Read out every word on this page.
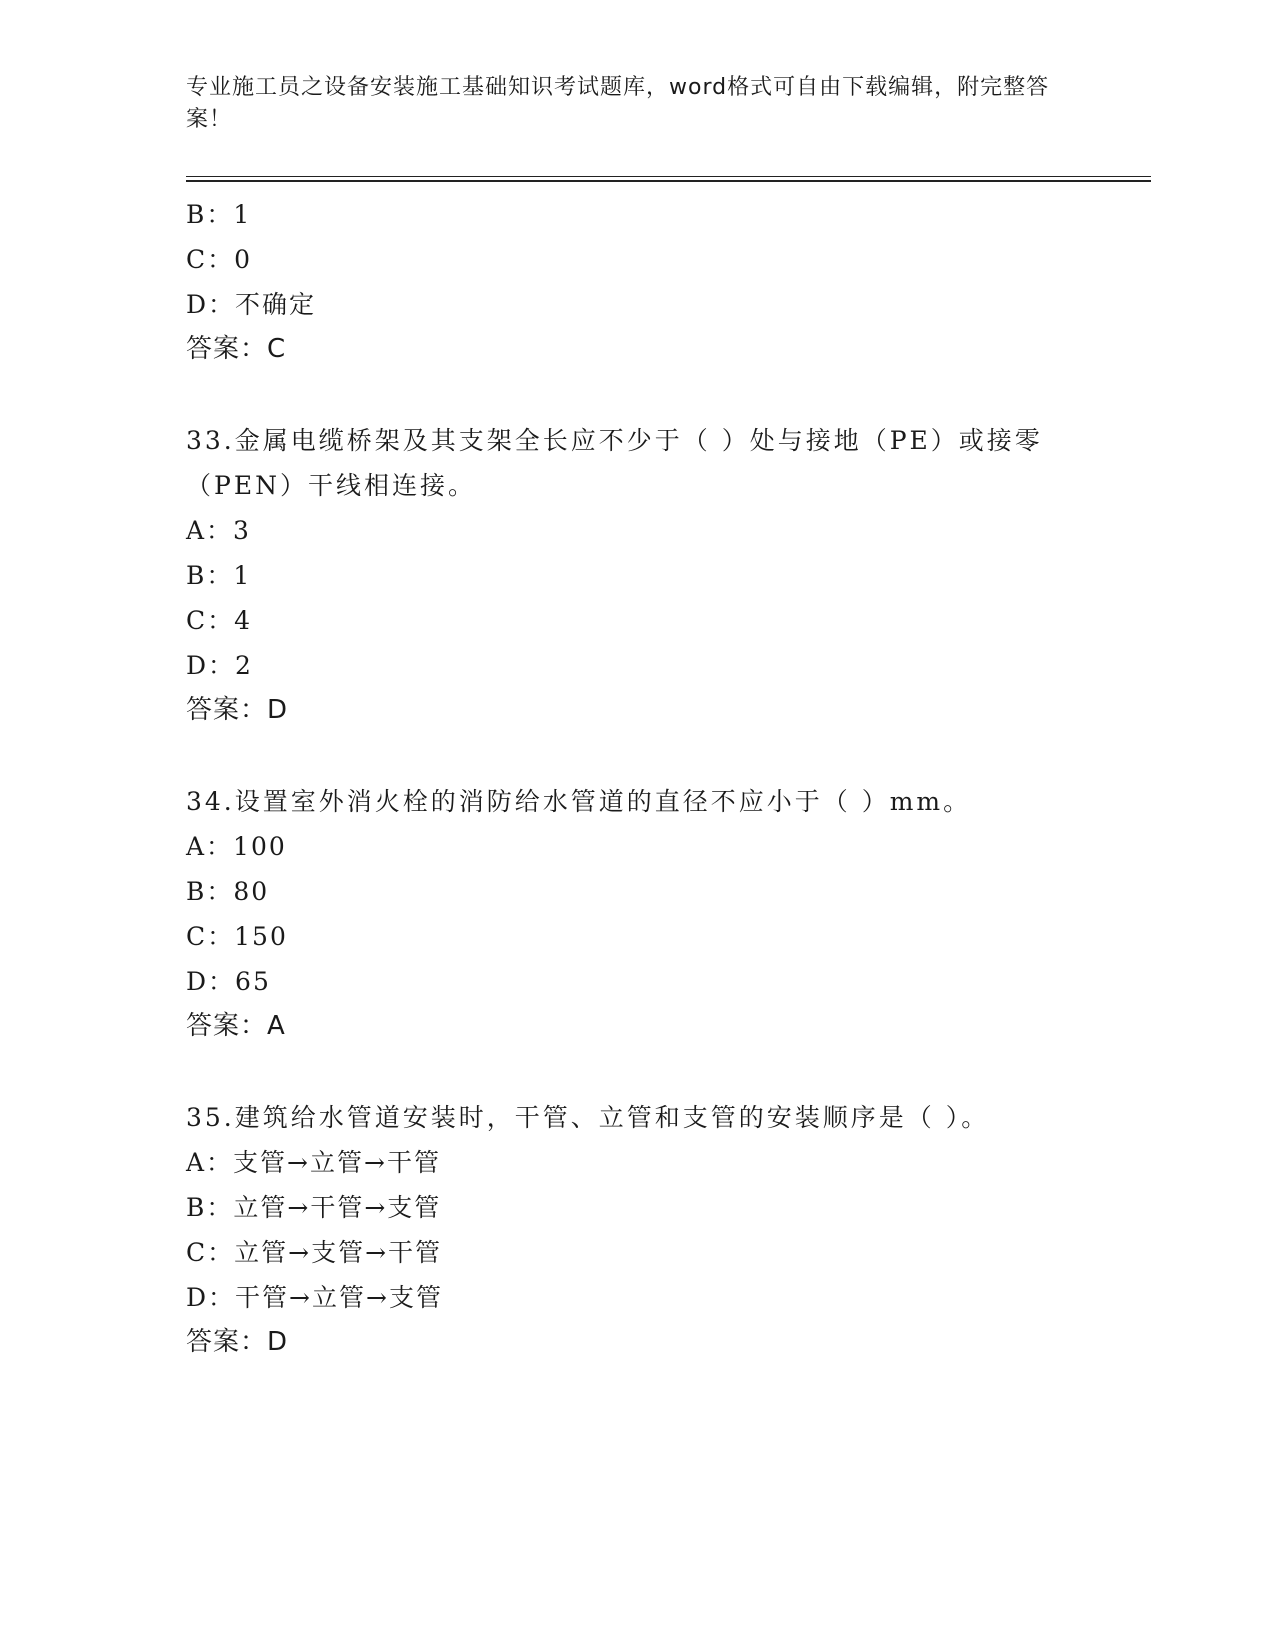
专业施工员之设备安装施工基础知识考试题库，word格式可自由下载编辑，附完整答案！
B：1
C：0
D：不确定
答案：C
33.金属电缆桥架及其支架全长应不少于（ ）处与接地（PE）或接零（PEN）干线相连接。
A：3
B：1
C：4
D：2
答案：D
34.设置室外消火栓的消防给水管道的直径不应小于（ ）mm。
A：100
B：80
C：150
D：65
答案：A
35.建筑给水管道安装时，干管、立管和支管的安装顺序是（ ）。
A：支管→立管→干管
B：立管→干管→支管
C：立管→支管→干管
D：干管→立管→支管
答案：D
